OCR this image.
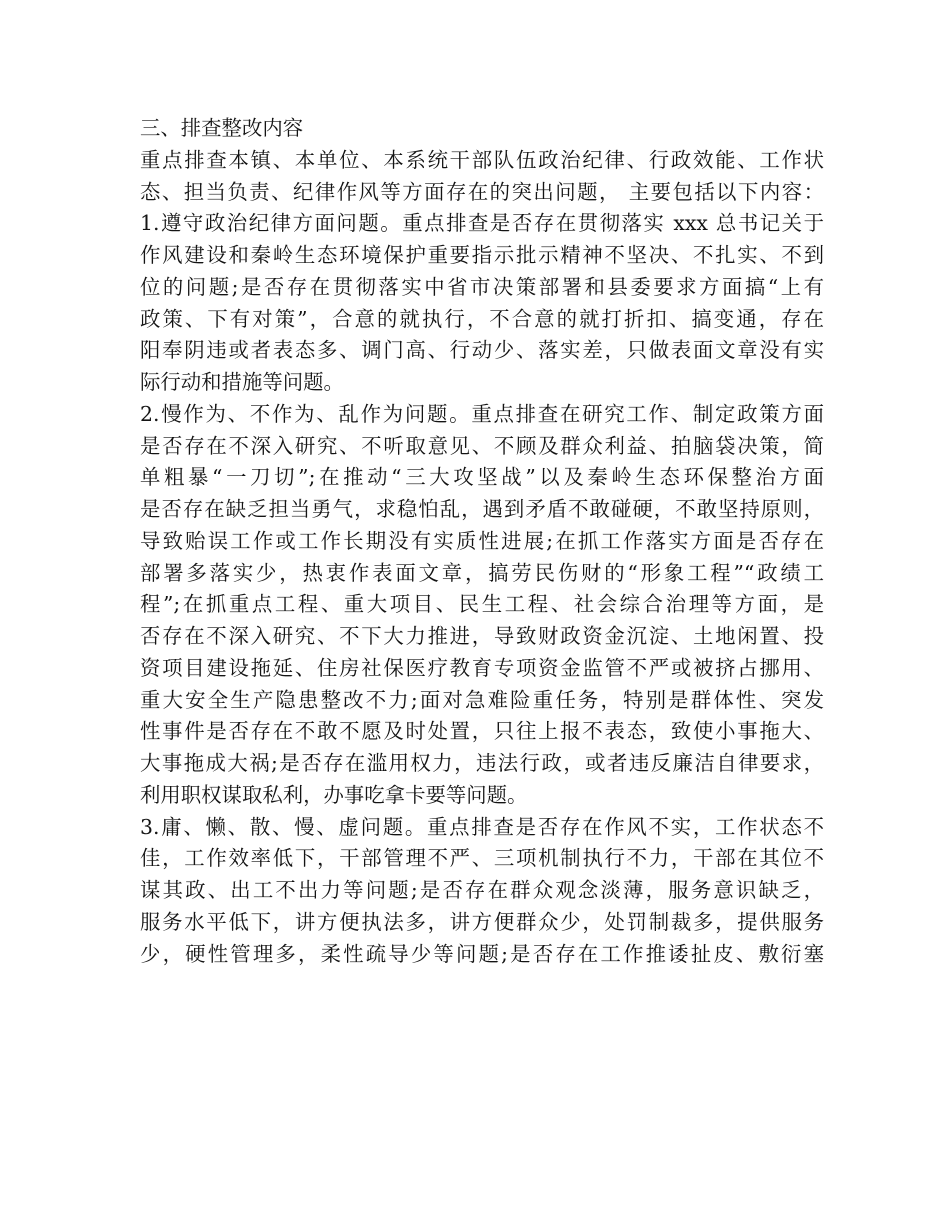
三、排查整改内容

重点排查本镇、本单位、本系统干部队伍政治纪律、行政效能、工作状

态、担当负责、纪律作风等方面存在的突出问题， 主要包括以下内容：

1.遵守政治纪律方面问题。重点排查是否存在贯彻落实 xxx 总书记关于

作风建设和秦岭生态环境保护重要指示批示精神不坚决、不扎实、不到

位的问题;是否存在贯彻落实中省市决策部署和县委要求方面搞“上有

政策、下有对策”，合意的就执行，不合意的就打折扣、搞变通，存在

阳奉阴违或者表态多、调门高、行动少、落实差，只做表面文章没有实

际行动和措施等问题。

2.慢作为、不作为、乱作为问题。重点排查在研究工作、制定政策方面

是否存在不深入研究、不听取意见、不顾及群众利益、拍脑袋决策，简

单粗暴“一刀切”;在推动“三大攻坚战”以及秦岭生态环保整治方面

是否存在缺乏担当勇气，求稳怕乱，遇到矛盾不敢碰硬，不敢坚持原则，

导致贻误工作或工作长期没有实质性进展;在抓工作落实方面是否存在

部署多落实少，热衷作表面文章，搞劳民伤财的“形象工程”“政绩工

程”;在抓重点工程、重大项目、民生工程、社会综合治理等方面，是

否存在不深入研究、不下大力推进，导致财政资金沉淀、土地闲置、投

资项目建设拖延、住房社保医疗教育专项资金监管不严或被挤占挪用、

重大安全生产隐患整改不力;面对急难险重任务，特别是群体性、突发

性事件是否存在不敢不愿及时处置，只往上报不表态，致使小事拖大、

大事拖成大祸;是否存在滥用权力，违法行政，或者违反廉洁自律要求，

利用职权谋取私利，办事吃拿卡要等问题。

3.庸、懒、散、慢、虚问题。重点排查是否存在作风不实，工作状态不

佳，工作效率低下，干部管理不严、三项机制执行不力，干部在其位不

谋其政、出工不出力等问题;是否存在群众观念淡薄，服务意识缺乏，

服务水平低下，讲方便执法多，讲方便群众少，处罚制裁多，提供服务

少，硬性管理多，柔性疏导少等问题;是否存在工作推诿扯皮、敷衍塞
